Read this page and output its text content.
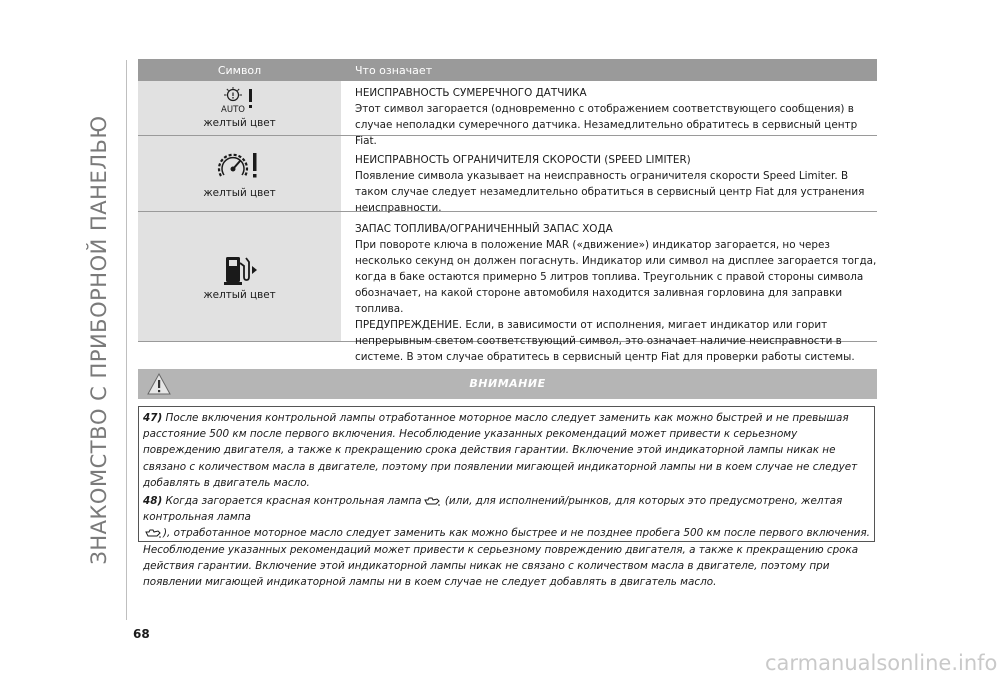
ЗНАКОМСТВО С ПРИБОРНОЙ ПАНЕЛЬЮ
Символ	Что означает
AUTO
желтый цвет
НЕИСПРАВНОСТЬ СУМЕРЕЧНОГО ДАТЧИКА
Этот символ загорается (одновременно с отображением соответствующего сообщения) в случае неполадки сумеречного датчика. Незамедлительно обратитесь в сервисный центр Fiat.
желтый цвет
НЕИСПРАВНОСТЬ ОГРАНИЧИТЕЛЯ СКОРОСТИ (SPEED LIMITER)
Появление символа указывает на неисправность ограничителя скорости Speed Limiter. В таком случае следует незамедлительно обратиться в сервисный центр Fiat для устранения неисправности.
желтый цвет
ЗАПАС ТОПЛИВА/ОГРАНИЧЕННЫЙ ЗАПАС ХОДА
При повороте ключа в положение MAR («движение») индикатор загорается, но через несколько секунд он должен погаснуть. Индикатор или символ на дисплее загорается тогда, когда в баке остаются примерно 5 литров топлива. Треугольник с правой стороны символа обозначает, на какой стороне автомобиля находится заливная горловина для заправки топлива.
ПРЕДУПРЕЖДЕНИЕ. Если, в зависимости от исполнения, мигает индикатор или горит непрерывным светом соответствующий символ, это означает наличие неисправности в системе. В этом случае обратитесь в сервисный центр Fiat для проверки работы системы.
ВНИМАНИЕ

47) После включения контрольной лампы отработанное моторное масло следует заменить как можно быстрей и не превышая расстояние 500 км после первого включения. Несоблюдение указанных рекомендаций может привести к серьезному повреждению двигателя, а также к прекращению срока действия гарантии. Включение этой индикаторной лампы никак не связано с количеством масла в двигателе, поэтому при появлении мигающей индикаторной лампы ни в коем случае не следует добавлять в двигатель масло.

48) Когда загорается красная контрольная лампа (или, для исполнений/рынков, для которых это предусмотрено, желтая контрольная лампа
), отработанное моторное масло следует заменить как можно быстрее и не позднее пробега 500 км после первого включения. Несоблюдение указанных рекомендаций может привести к серьезному повреждению двигателя, а также к прекращению срока действия гарантии. Включение этой индикаторной лампы никак не связано с количеством масла в двигателе, поэтому при появлении мигающей индикаторной лампы ни в коем случае не следует добавлять в двигатель масло.

68
carmanualsonline.info
